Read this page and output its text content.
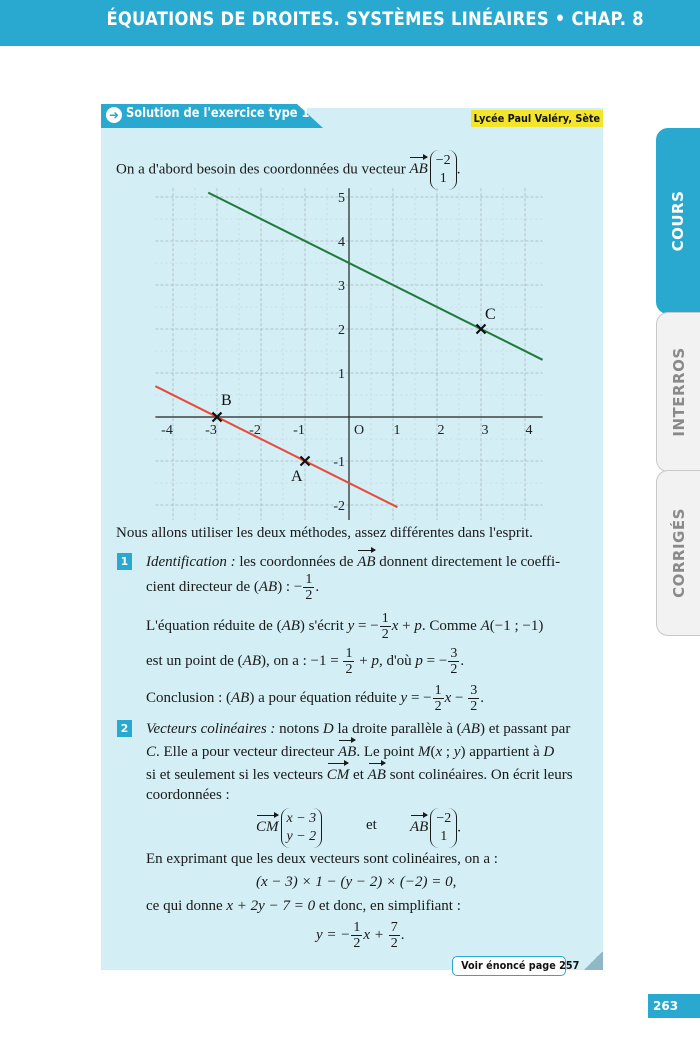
ÉQUATIONS DE DROITES. SYSTÈMES LINÉAIRES • CHAP. 8
COURS
INTERROS
CORRIGÉS
➜ Solution de l'exercice type 1	Lycée Paul Valéry, Sète
On a d'abord besoin des coordonnées du vecteur AB
−2
1
.
-4 -3 -2 -1	O 1	2	3	4
5
4
3
2
1
-1
-2
A
B
C
Nous allons utiliser les deux méthodes, assez différentes dans l'esprit.
1 Identification : les coordonnées de AB donnent directement le coeffi-
cient directeur de (AB) : − $\frac{1}{2}$ .
L'équation réduite de (AB) s'écrit y = − $\frac{1}{2}$ x + p. Comme A(−1 ; −1)
est un point de (AB), on a : $-1 = \frac{1}{2} + p$, d'où p = − $\frac{3}{2}$ .
Conclusion : (AB) a pour équation réduite y = − $\frac{1}{2}$ $x - \frac{3}{2}$ .
2 Vecteurs colinéaires : notons D la droite parallèle à (AB) et passant par
C. Elle a pour vecteur directeur AB. Le point M(x ; y) appartient à D
si et seulement si les vecteurs CM et AB sont colinéaires. On écrit leurs
coordonnées :
CM
x − 3
y − 2
et AB
−2
1
.
En exprimant que les deux vecteurs sont colinéaires, on a :
(x − 3) × 1 − (y − 2) × (−2) = 0,
ce qui donne x + 2y − 7 = 0 et donc, en simplifiant :
y = − $\frac{1}{2}$ $x + \frac{7}{2}$ .
Voir énoncé page 257
263
